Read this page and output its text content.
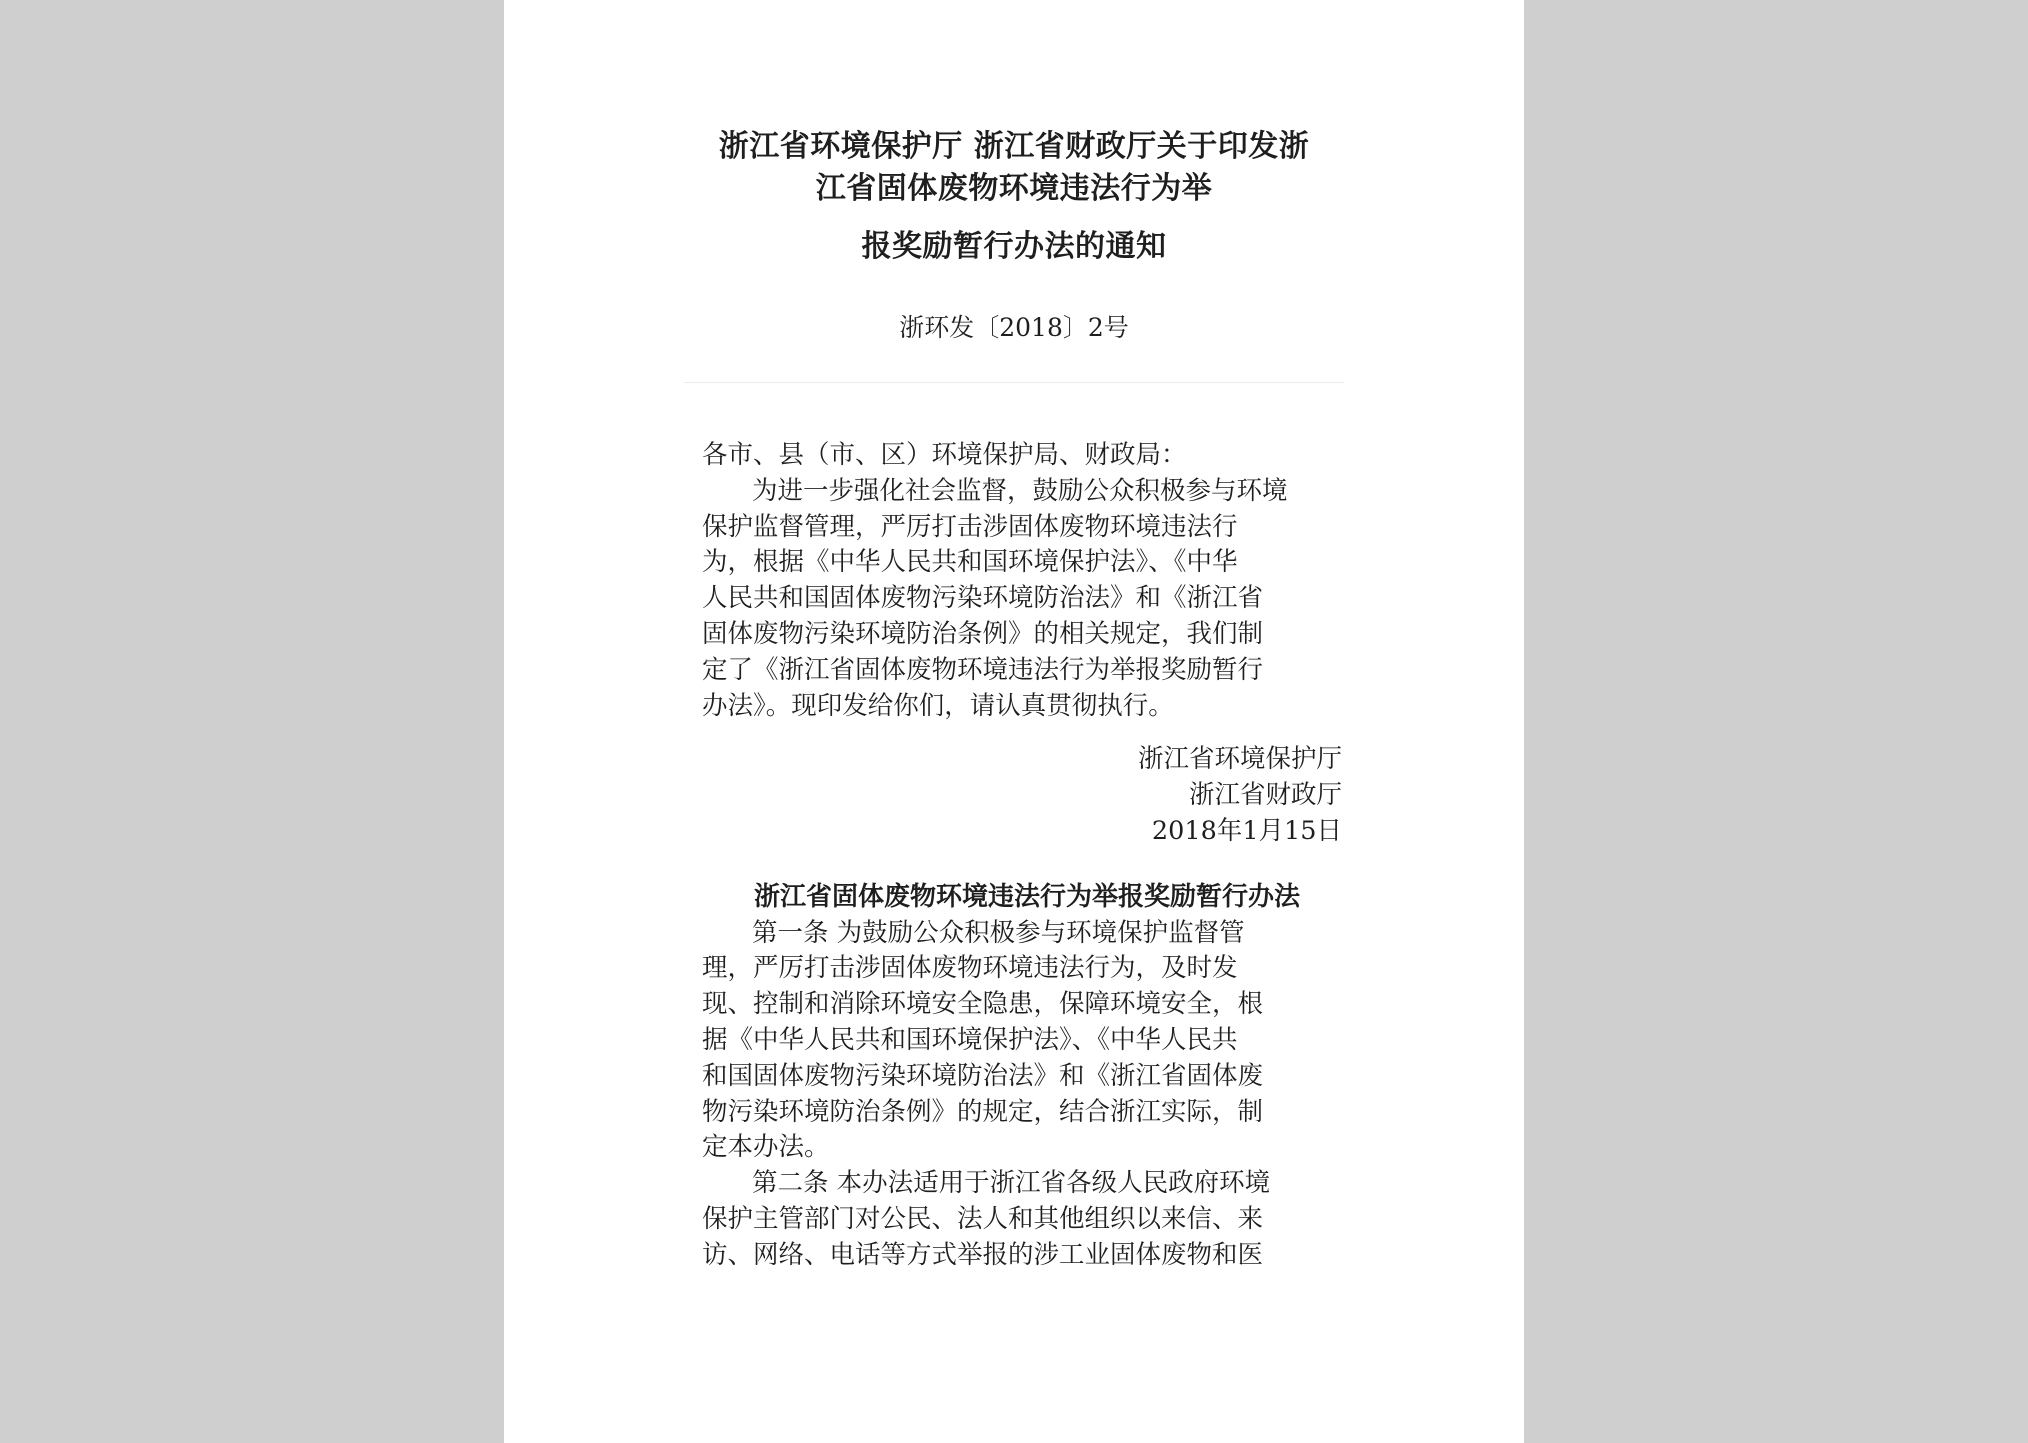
浙江省环境保护厅 浙江省财政厅关于印发浙
江省固体废物环境违法行为举
报奖励暂行办法的通知
浙环发〔2018〕2号
各市、县（市、区）环境保护局、财政局：
为进一步强化社会监督，鼓励公众积极参与环境
保护监督管理，严厉打击涉固体废物环境违法行
为，根据《中华人民共和国环境保护法》、《中华
人民共和国固体废物污染环境防治法》和《浙江省
固体废物污染环境防治条例》的相关规定，我们制
定了《浙江省固体废物环境违法行为举报奖励暂行
办法》。现印发给你们，请认真贯彻执行。
浙江省环境保护厅
浙江省财政厅
2018年1月15日
浙江省固体废物环境违法行为举报奖励暂行办法
第一条 为鼓励公众积极参与环境保护监督管
理，严厉打击涉固体废物环境违法行为，及时发
现、控制和消除环境安全隐患，保障环境安全，根
据《中华人民共和国环境保护法》、《中华人民共
和国固体废物污染环境防治法》和《浙江省固体废
物污染环境防治条例》的规定，结合浙江实际，制
定本办法。
第二条 本办法适用于浙江省各级人民政府环境
保护主管部门对公民、法人和其他组织以来信、来
访、网络、电话等方式举报的涉工业固体废物和医
